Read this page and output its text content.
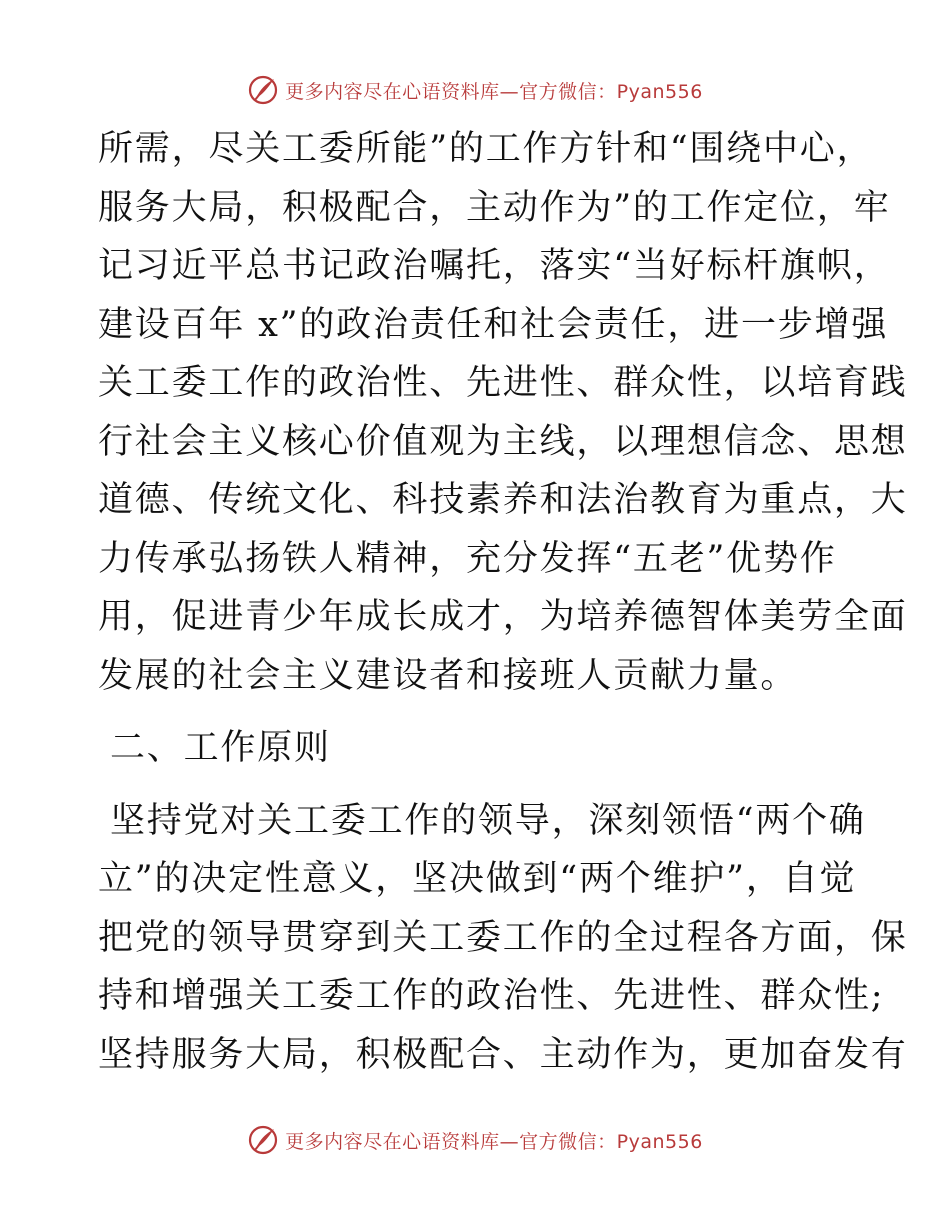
更多内容尽在心语资料库—官方微信：Pyan556
所需，尽关工委所能”的工作方针和“围绕中心，
服务大局，积极配合，主动作为”的工作定位，牢
记习近平总书记政治嘱托，落实“当好标杆旗帜，
建设百年 x”的政治责任和社会责任，进一步增强
关工委工作的政治性、先进性、群众性，以培育践
行社会主义核心价值观为主线，以理想信念、思想
道德、传统文化、科技素养和法治教育为重点，大
力传承弘扬铁人精神，充分发挥“五老”优势作
用，促进青少年成长成才，为培养德智体美劳全面
发展的社会主义建设者和接班人贡献力量。
二、工作原则
坚持党对关工委工作的领导，深刻领悟“两个确
立”的决定性意义，坚决做到“两个维护”，自觉
把党的领导贯穿到关工委工作的全过程各方面，保
持和增强关工委工作的政治性、先进性、群众性;
坚持服务大局，积极配合、主动作为，更加奋发有
更多内容尽在心语资料库—官方微信：Pyan556
